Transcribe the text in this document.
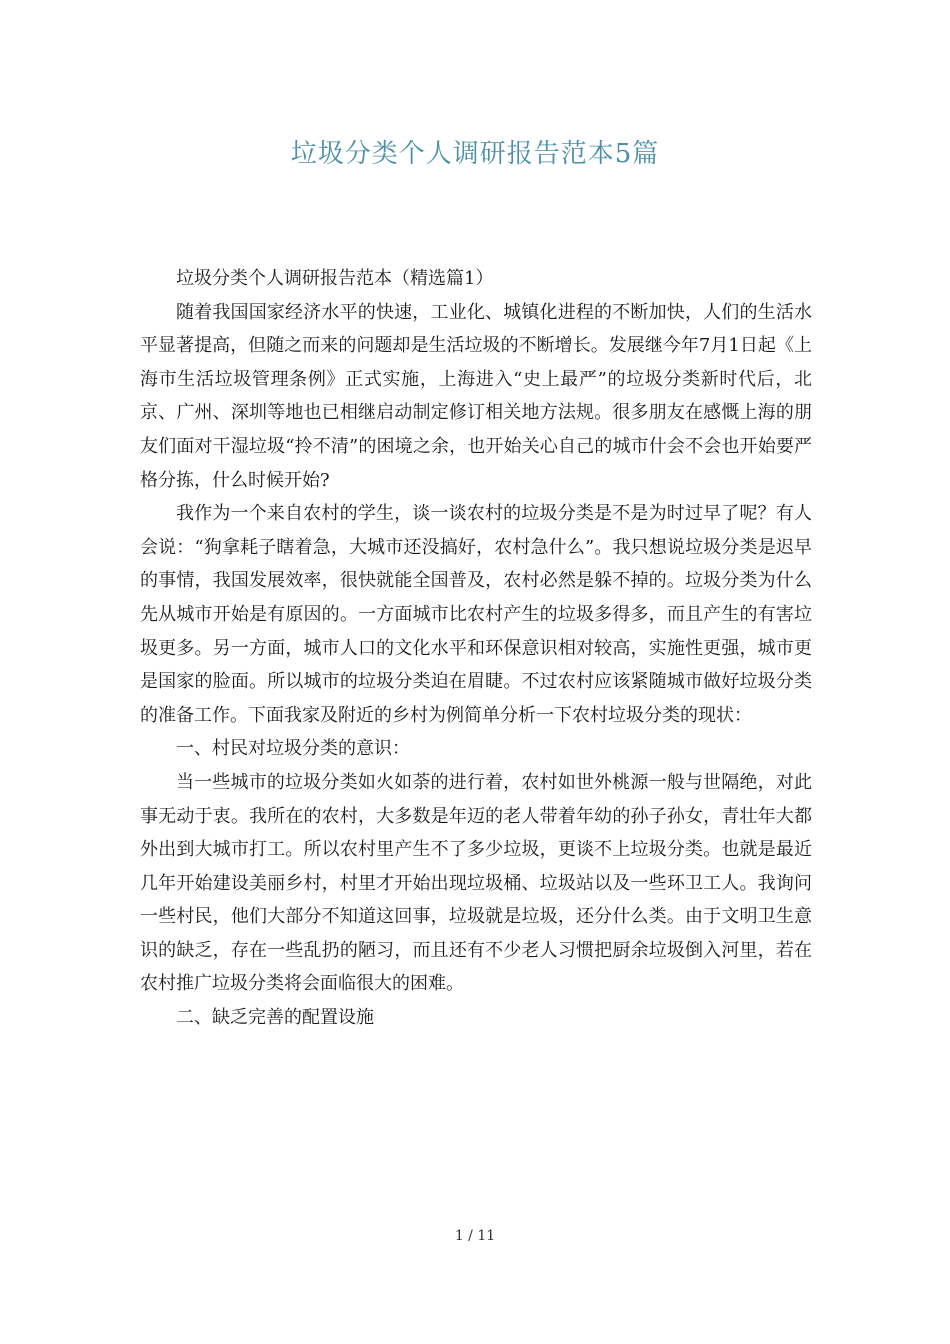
垃圾分类个人调研报告范本5篇

垃圾分类个人调研报告范本（精选篇1）

随着我国国家经济水平的快速，工业化、城镇化进程的不断加快，人们的生活水平显著提高，但随之而来的问题却是生活垃圾的不断增长。发展继今年7月1日起《上海市生活垃圾管理条例》正式实施，上海进入“史上最严”的垃圾分类新时代后，北京、广州、深圳等地也已相继启动制定修订相关地方法规。很多朋友在感慨上海的朋友们面对干湿垃圾“拎不清”的困境之余，也开始关心自己的城市什会不会也开始要严格分拣，什么时候开始?

我作为一个来自农村的学生，谈一谈农村的垃圾分类是不是为时过早了呢？有人会说：“狗拿耗子瞎着急，大城市还没搞好，农村急什么”。我只想说垃圾分类是迟早的事情，我国发展效率，很快就能全国普及，农村必然是躲不掉的。垃圾分类为什么先从城市开始是有原因的。一方面城市比农村产生的垃圾多得多，而且产生的有害垃圾更多。另一方面，城市人口的文化水平和环保意识相对较高，实施性更强，城市更是国家的脸面。所以城市的垃圾分类迫在眉睫。不过农村应该紧随城市做好垃圾分类的准备工作。下面我家及附近的乡村为例简单分析一下农村垃圾分类的现状：

一、村民对垃圾分类的意识：

当一些城市的垃圾分类如火如荼的进行着，农村如世外桃源一般与世隔绝，对此事无动于衷。我所在的农村，大多数是年迈的老人带着年幼的孙子孙女，青壮年大都外出到大城市打工。所以农村里产生不了多少垃圾，更谈不上垃圾分类。也就是最近几年开始建设美丽乡村，村里才开始出现垃圾桶、垃圾站以及一些环卫工人。我询问一些村民，他们大部分不知道这回事，垃圾就是垃圾，还分什么类。由于文明卫生意识的缺乏，存在一些乱扔的陋习，而且还有不少老人习惯把厨余垃圾倒入河里，若在农村推广垃圾分类将会面临很大的困难。

二、缺乏完善的配置设施

1 / 11
